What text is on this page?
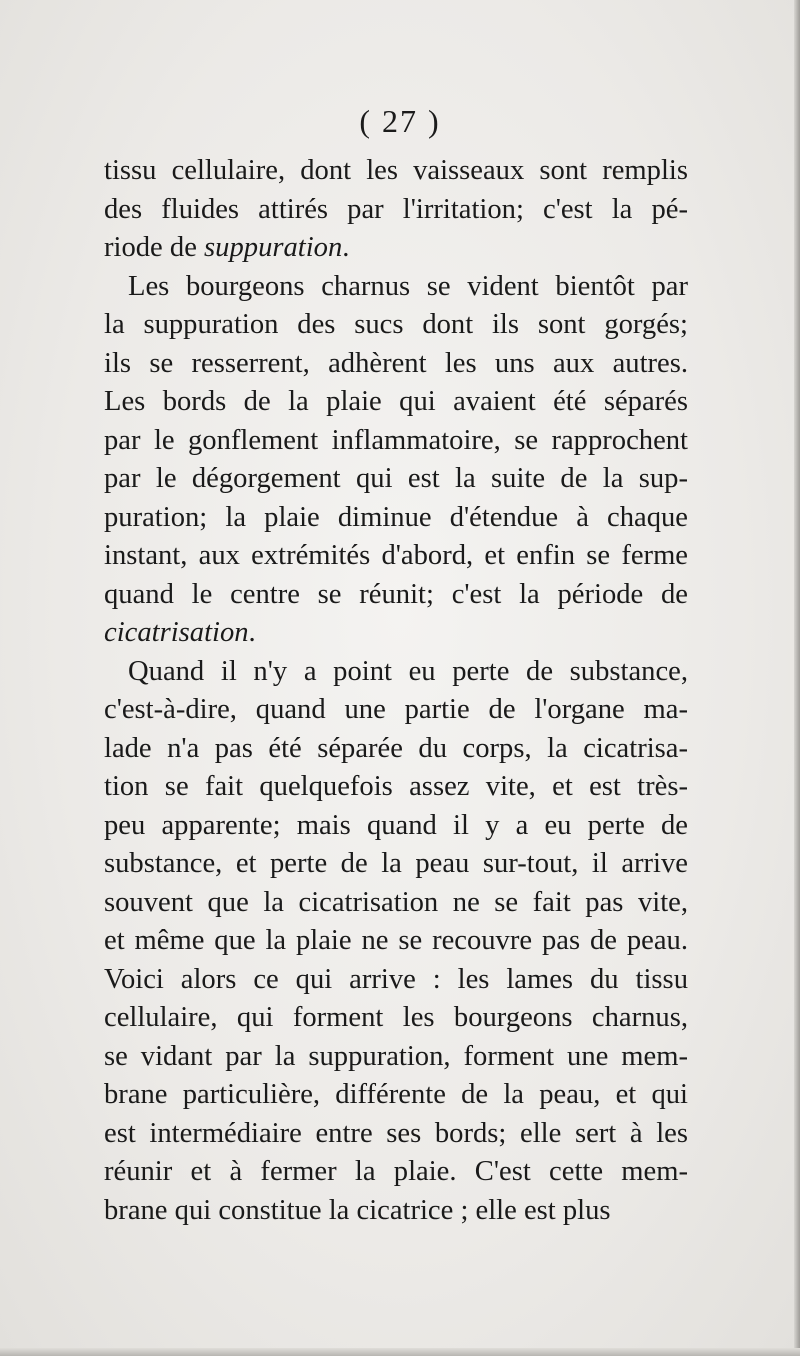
( 27 )
tissu cellulaire, dont les vaisseaux sont remplis
des fluides attirés par l'irritation; c'est la pé-
riode de suppuration.
Les bourgeons charnus se vident bientôt par
la suppuration des sucs dont ils sont gorgés;
ils se resserrent, adhèrent les uns aux autres.
Les bords de la plaie qui avaient été séparés
par le gonflement inflammatoire, se rapprochent
par le dégorgement qui est la suite de la sup-
puration; la plaie diminue d'étendue à chaque
instant, aux extrémités d'abord, et enfin se ferme
quand le centre se réunit; c'est la période de
cicatrisation.
Quand il n'y a point eu perte de substance,
c'est-à-dire, quand une partie de l'organe ma-
lade n'a pas été séparée du corps, la cicatrisa-
tion se fait quelquefois assez vite, et est très-
peu apparente; mais quand il y a eu perte de
substance, et perte de la peau sur-tout, il arrive
souvent que la cicatrisation ne se fait pas vite,
et même que la plaie ne se recouvre pas de peau.
Voici alors ce qui arrive : les lames du tissu
cellulaire, qui forment les bourgeons charnus,
se vidant par la suppuration, forment une mem-
brane particulière, différente de la peau, et qui
est intermédiaire entre ses bords; elle sert à les
réunir et à fermer la plaie. C'est cette mem-
brane qui constitue la cicatrice ; elle est plus
